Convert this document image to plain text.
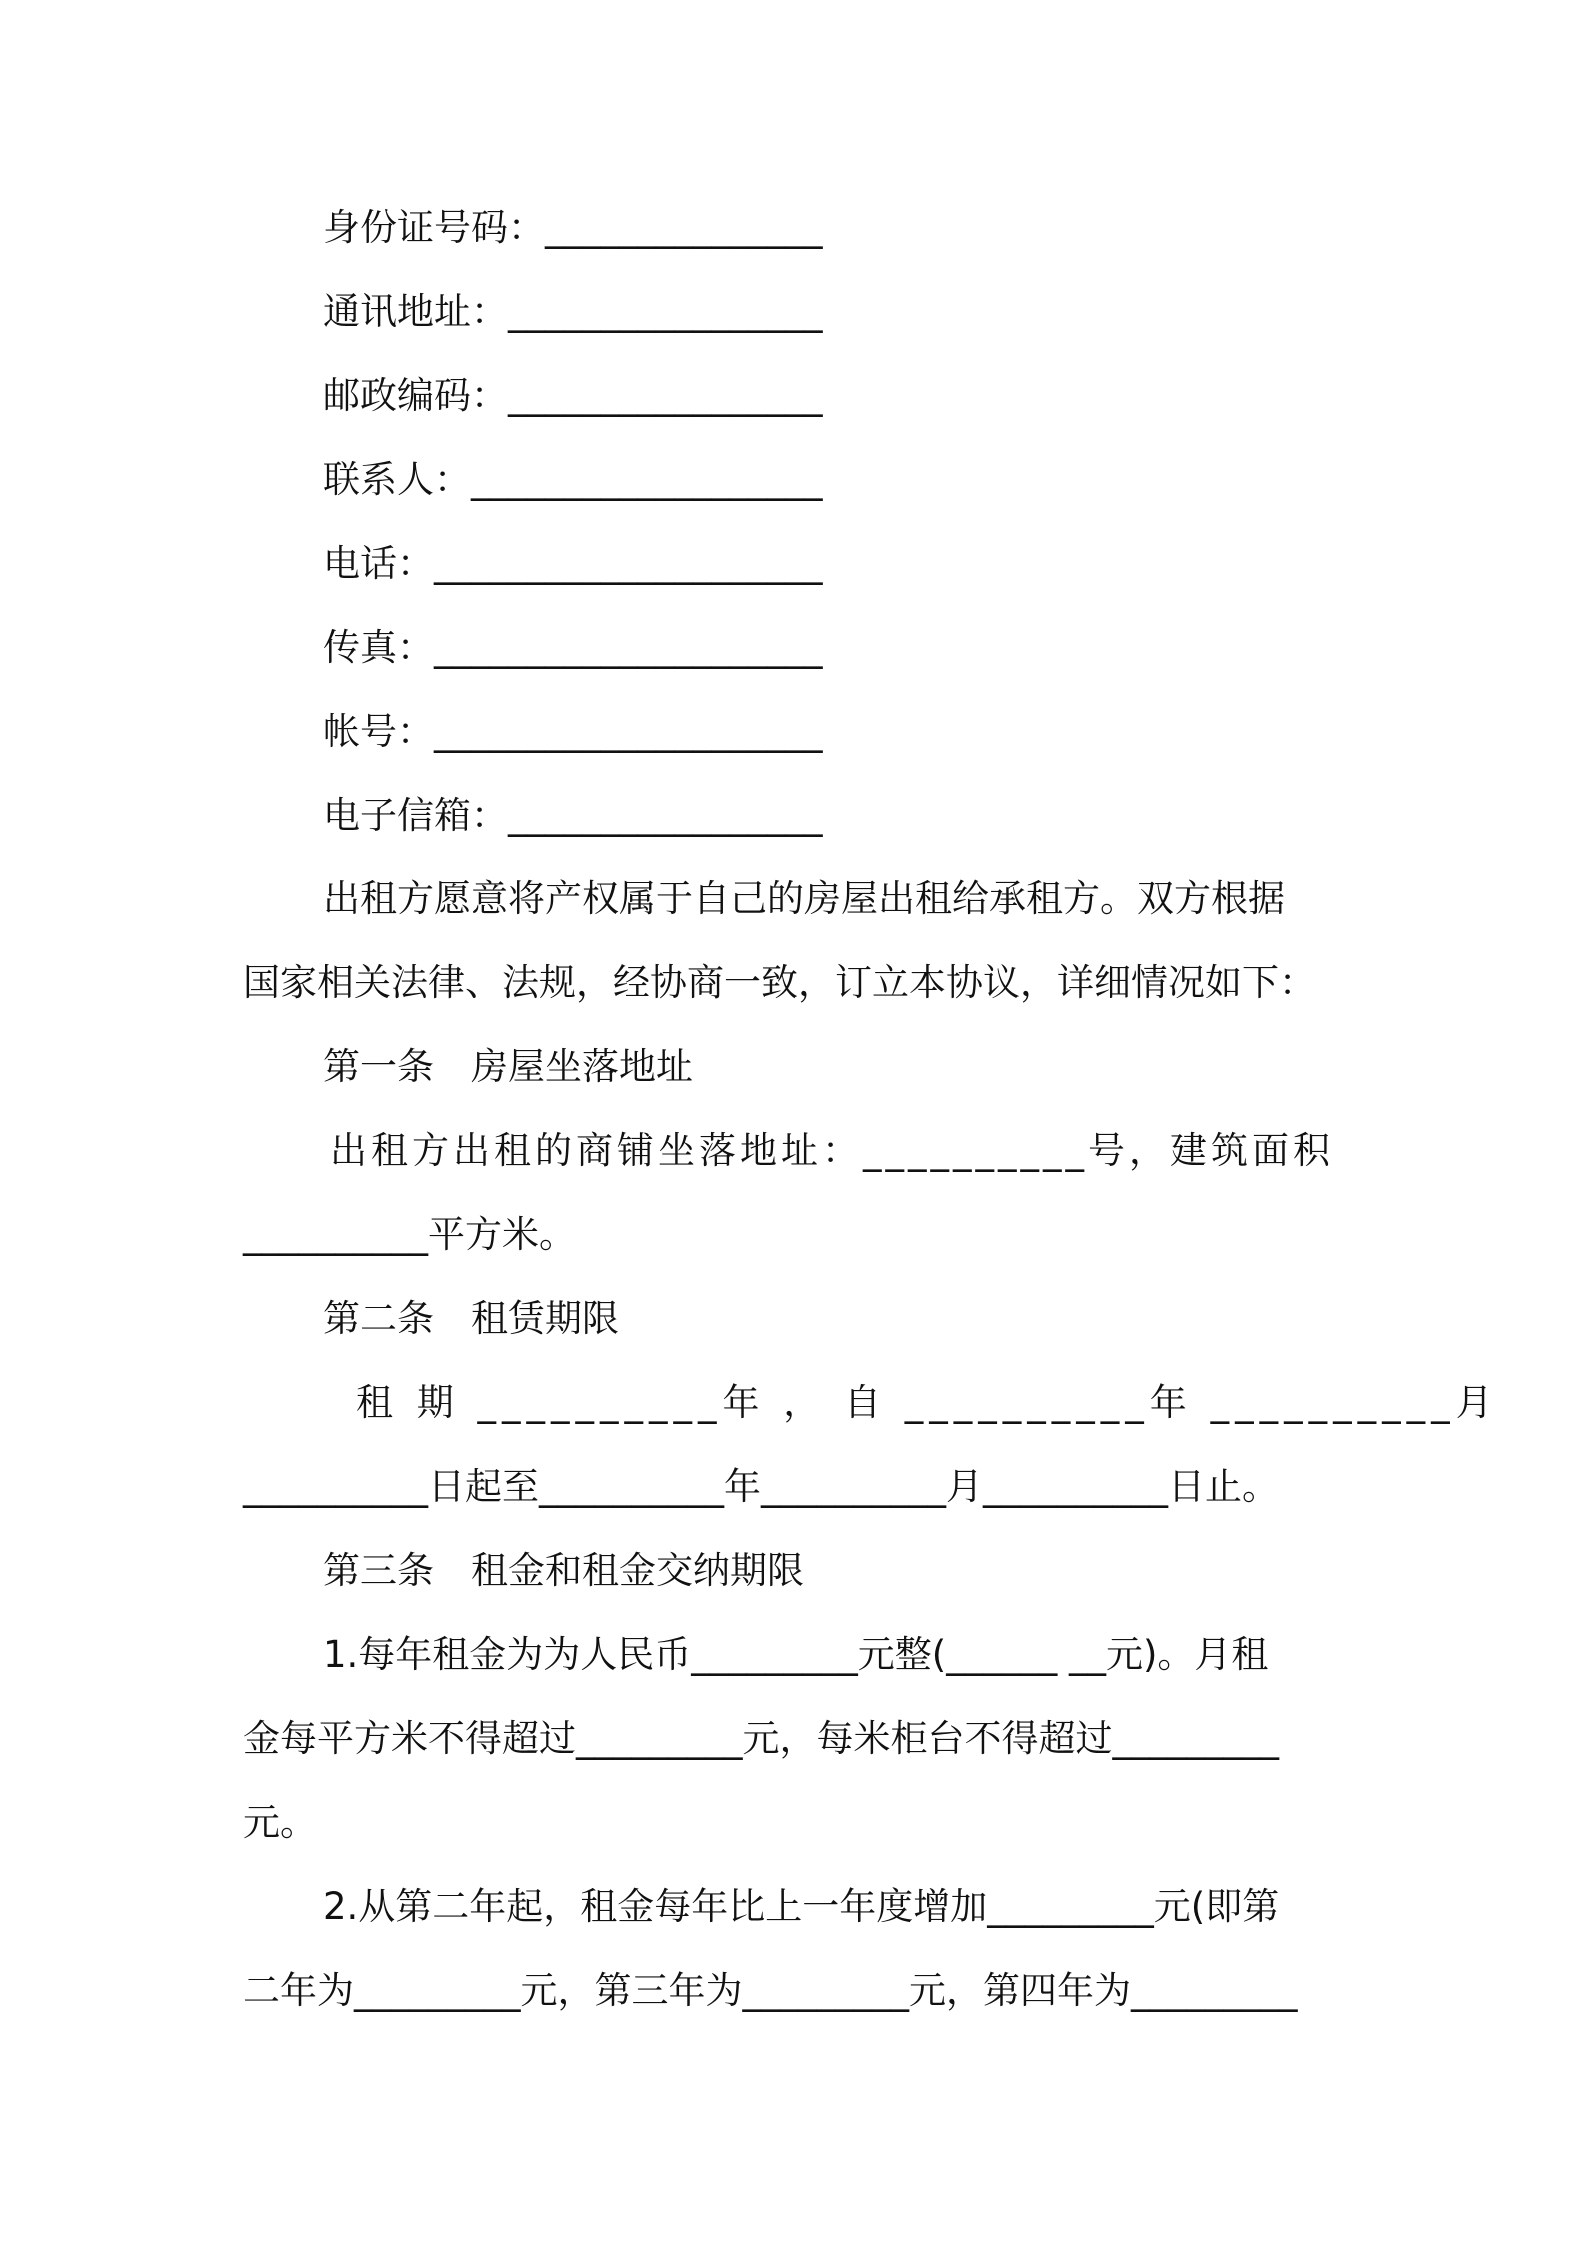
身份证号码：_______________
通讯地址：_________________
邮政编码：_________________
联系人：___________________
电话：_____________________
传真：_____________________
帐号：_____________________
电子信箱：_________________
出租方愿意将产权属于自己的房屋出租给承租方。双方根据
国家相关法律、法规，经协商一致，订立本协议，详细情况如下：
第一条　房屋坐落地址
出租方出租的商铺坐落地址：__________号，建筑面积
__________平方米。
第二条　租赁期限
租 期 __________年 ， 自 __________年 __________月
__________日起至__________年__________月__________日止。
第三条　租金和租金交纳期限
1.每年租金为为人民币_________元整(______ __元)。月租
金每平方米不得超过_________元，每米柜台不得超过_________
元。
2.从第二年起，租金每年比上一年度增加_________元(即第
二年为_________元，第三年为_________元，第四年为_________
